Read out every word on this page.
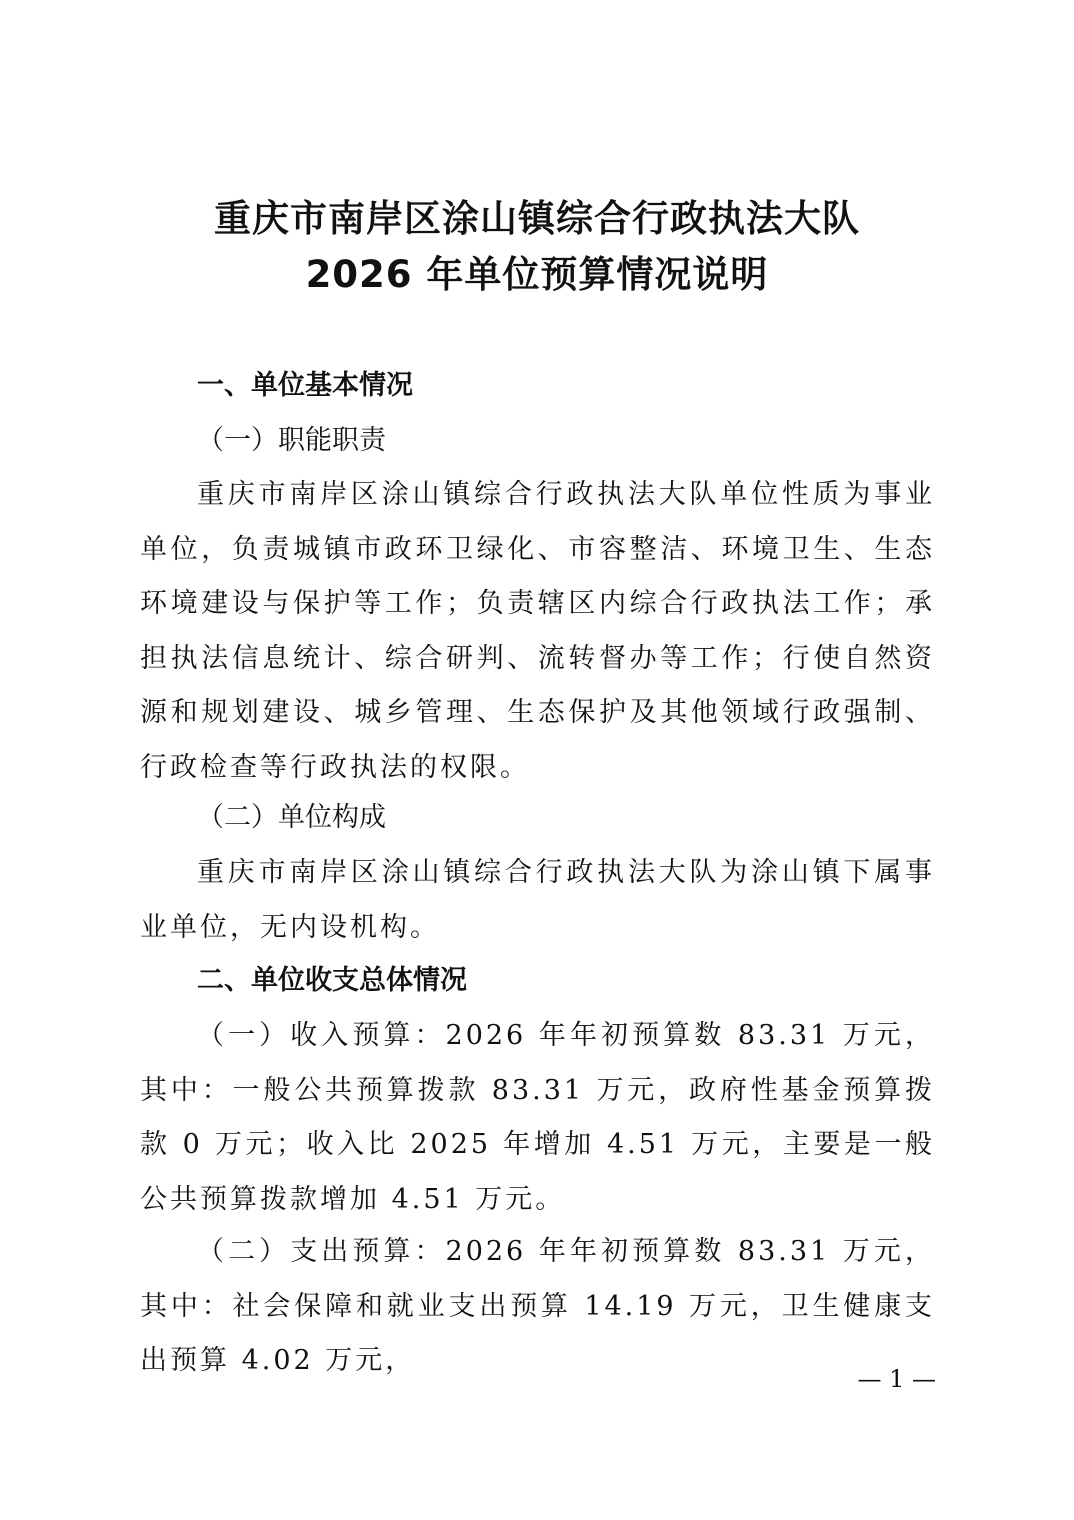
重庆市南岸区涂山镇综合行政执法大队
2026 年单位预算情况说明
一、单位基本情况
（一）职能职责
重庆市南岸区涂山镇综合行政执法大队单位性质为事业单位，负责城镇市政环卫绿化、市容整洁、环境卫生、生态环境建设与保护等工作；负责辖区内综合行政执法工作；承担执法信息统计、综合研判、流转督办等工作；行使自然资源和规划建设、城乡管理、生态保护及其他领域行政强制、行政检查等行政执法的权限。
（二）单位构成
重庆市南岸区涂山镇综合行政执法大队为涂山镇下属事业单位，无内设机构。
二、单位收支总体情况
（一）收入预算：2026 年年初预算数 83.31 万元，其中：一般公共预算拨款 83.31 万元，政府性基金预算拨款 0 万元；收入比 2025 年增加 4.51 万元，主要是一般公共预算拨款增加 4.51 万元。
（二）支出预算：2026 年年初预算数 83.31 万元，其中：社会保障和就业支出预算 14.19 万元，卫生健康支出预算 4.02 万元，
— 1 —
